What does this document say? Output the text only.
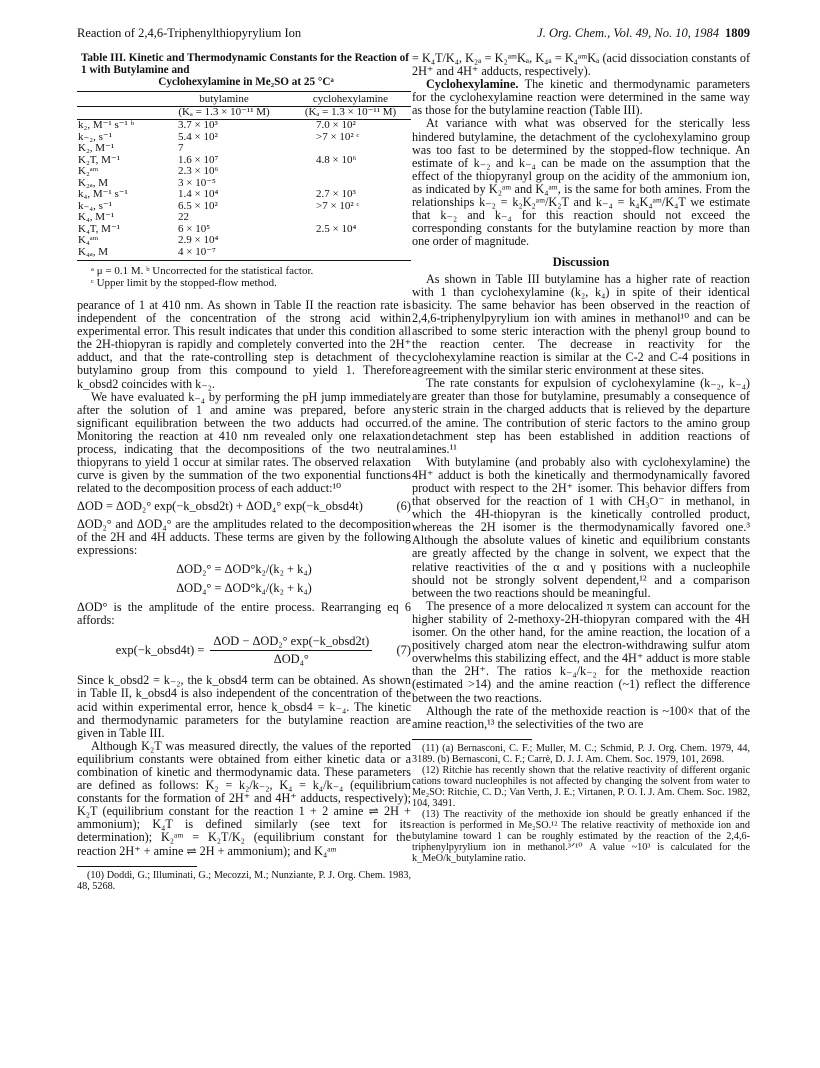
Reaction of 2,4,6-Triphenylthiopyrylium Ion	J. Org. Chem., Vol. 49, No. 10, 1984 1809
Table III. Kinetic and Thermodynamic Constants for the Reaction of 1 with Butylamine and
Cyclohexylamine in Me₂SO at 25 °Cᵃ
	butylamine	cyclohexylamine
	(Kₐ = 1.3 × 10⁻¹¹ M)	(Kₐ = 1.3 × 10⁻¹¹ M)
k₂, M⁻¹ s⁻¹ ᵇ	3.7 × 10³	7.0 × 10²
k₋₂, s⁻¹	5.4 × 10²	>7 × 10² ᶜ
K₂, M⁻¹	7	
K₂T, M⁻¹	1.6 × 10⁷	4.8 × 10⁶
K₂ᵃᵐ	2.3 × 10⁶	
K₂ₐ, M	3 × 10⁻⁵	
k₄, M⁻¹ s⁻¹	1.4 × 10⁴	2.7 × 10³
k₋₄, s⁻¹	6.5 × 10²	>7 × 10² ᶜ
K₄, M⁻¹	22	
K₄T, M⁻¹	6 × 10⁵	2.5 × 10⁴
K₄ᵃᵐ	2.9 × 10⁴	
K₄ₐ, M	4 × 10⁻⁷	
ᵃ μ = 0.1 M. ᵇ Uncorrected for the statistical factor.
ᶜ Upper limit by the stopped-flow method.

pearance of 1 at 410 nm. As shown in Table II the reaction rate is independent of the concentration of the strong acid within experimental error. This result indicates that under this condition all the 2H-thiopyran is rapidly and completely converted into the 2H⁺ adduct, and that the rate-controlling step is detachment of the butylamino group from this compound to yield 1. Therefore k_obsd2 coincides with k₋₂.

We have evaluated k₋₄ by performing the pH jump immediately after the solution of 1 and amine was prepared, before any significant equilibration between the two adducts had occurred. Monitoring the reaction at 410 nm revealed only one relaxation process, indicating that the decompositions of the two neutral thiopyrans to yield 1 occur at similar rates. The observed relaxation curve is given by the summation of the two exponential functions related to the decomposition process of each adduct:¹⁰

ΔOD = ΔOD₂° exp(−k_obsd2t) + ΔOD₄° exp(−k_obsd4t)	(6)

ΔOD₂° and ΔOD₄° are the amplitudes related to the decomposition of the 2H and 4H adducts. These terms are given by the following expressions:

ΔOD₂° = ΔOD°k₂/(k₂ + k₄)
ΔOD₄° = ΔOD°k₄/(k₂ + k₄)

ΔOD° is the amplitude of the entire process. Rearranging eq 6 affords:

exp(−k_obsd4t) = $\frac{\text{ΔOD − ΔOD₂° exp(−k\_obsd2t)}}{\text{ΔOD₄°}} (7)$

Since k_obsd2 = k₋₂, the k_obsd4 term can be obtained. As shown in Table II, k_obsd4 is also independent of the concentration of the acid within experimental error, hence k_obsd4 = k₋₄. The kinetic and thermodynamic parameters for the butylamine reaction are given in Table III.

Although K₂T was measured directly, the values of the reported equilibrium constants were obtained from either kinetic data or a combination of kinetic and thermodynamic data. These parameters are defined as follows: K₂ = k₂/k₋₂, K₄ = k₄/k₋₄ (equilibrium constants for the formation of 2H⁺ and 4H⁺ adducts, respectively); K₂T (equilibrium constant for the reaction 1 + 2 amine ⇌ 2H + ammonium); K₄T is defined similarly (see text for its determination); K₂ᵃᵐ = K₂T/K₂ (equilibrium constant for the reaction 2H⁺ + amine ⇌ 2H + ammonium); and K₄ᵃᵐ

(10) Doddi, G.; Illuminati, G.; Mecozzi, M.; Nunziante, P. J. Org. Chem. 1983, 48, 5268.

= K₄T/K₄, K₂ₐ = K₂ᵃᵐKₐ, K₄ₐ = K₄ᵃᵐKₐ (acid dissociation constants of 2H⁺ and 4H⁺ adducts, respectively).

Cyclohexylamine. The kinetic and thermodynamic parameters for the cyclohexylamine reaction were determined in the same way as those for the butylamine reaction (Table III).

At variance with what was observed for the sterically less hindered butylamine, the detachment of the cyclohexylamino group was too fast to be determined by the stopped-flow technique. An estimate of k₋₂ and k₋₄ can be made on the assumption that the effect of the thiopyranyl group on the acidity of the ammonium ion, as indicated by K₂ᵃᵐ and K₄ᵃᵐ, is the same for both amines. From the relationships k₋₂ = k₂K₂ᵃᵐ/K₂T and k₋₄ = k₄K₄ᵃᵐ/K₄T we estimate that k₋₂ and k₋₄ for this reaction should not exceed the corresponding constants for the butylamine reaction by more than one order of magnitude.

Discussion

As shown in Table III butylamine has a higher rate of reaction with 1 than cyclohexylamine (k₂, k₄) in spite of their identical basicity. The same behavior has been observed in the reaction of 2,4,6-triphenylpyrylium ion with amines in methanol¹⁰ and can be ascribed to some steric interaction with the phenyl group bound to the reaction center. The decrease in reactivity for the cyclohexylamine reaction is similar at the C-2 and C-4 positions in agreement with the similar steric environment at these sites.

The rate constants for expulsion of cyclohexylamine (k₋₂, k₋₄) are greater than those for butylamine, presumably a consequence of steric strain in the charged adducts that is relieved by the departure of the amine. The contribution of steric factors to the amino group detachment step has been established in addition reactions of amines.¹¹

With butylamine (and probably also with cyclohexylamine) the 4H⁺ adduct is both the kinetically and thermodynamically favored product with respect to the 2H⁺ isomer. This behavior differs from that observed for the reaction of 1 with CH₃O⁻ in methanol, in which the 4H-thiopyran is the kinetically controlled product, whereas the 2H isomer is the thermodynamically favored one.³ Although the absolute values of kinetic and equilibrium constants are greatly affected by the change in solvent, we expect that the relative reactivities of the α and γ positions with a nucleophile should not be strongly solvent dependent,¹² and a comparison between the two reactions should be meaningful.

The presence of a more delocalized π system can account for the higher stability of 2-methoxy-2H-thiopyran compared with the 4H isomer. On the other hand, for the amine reaction, the location of a positively charged atom near the electron-withdrawing sulfur atom overwhelms this stabilizing effect, and the 4H⁺ adduct is more stable than the 2H⁺. The ratios k₋₄/k₋₂ for the methoxide reaction (estimated >14) and the amine reaction (~1) reflect the difference between the two reactions.

Although the rate of the methoxide reaction is ~100× that of the amine reaction,¹³ the selectivities of the two are

(11) (a) Bernasconi, C. F.; Muller, M. C.; Schmid, P. J. Org. Chem. 1979, 44, 3189. (b) Bernasconi, C. F.; Carrè, D. J. J. Am. Chem. Soc. 1979, 101, 2698.

(12) Ritchie has recently shown that the relative reactivity of different organic cations toward nucleophiles is not affected by changing the solvent from water to Me₂SO: Ritchie, C. D.; Van Verth, J. E.; Virtanen, P. O. I. J. Am. Chem. Soc. 1982, 104, 3491.

(13) The reactivity of the methoxide ion should be greatly enhanced if the reaction is performed in Me₂SO.¹² The relative reactivity of methoxide ion and butylamine toward 1 can be roughly estimated by the reaction of the 2,4,6-triphenylpyrylium ion in methanol.³ᐟ¹⁰ A value ~10³ is calculated for the k_MeO/k_butylamine ratio.
